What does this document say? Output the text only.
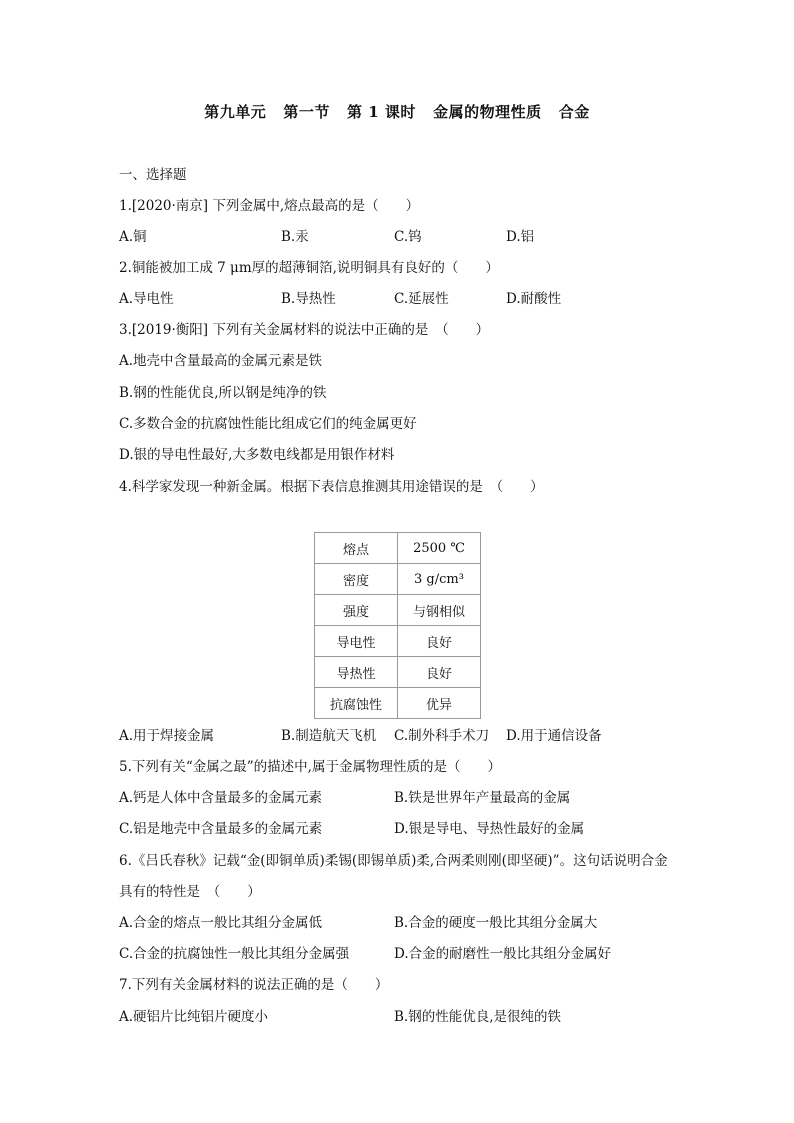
第九单元   第一节   第 1 课时   金属的物理性质   合金
一、选择题
1.[2020·南京] 下列金属中,熔点最高的是（　　）
A.铜	B.汞	C.钨	D.铝
2.铜能被加工成 7 μm厚的超薄铜箔,说明铜具有良好的（　　）
A.导电性	B.导热性	C.延展性	D.耐酸性
3.[2019·衡阳] 下列有关金属材料的说法中正确的是　（　　）
A.地壳中含量最高的金属元素是铁
B.钢的性能优良,所以钢是纯净的铁
C.多数合金的抗腐蚀性能比组成它们的纯金属更好
D.银的导电性最好,大多数电线都是用银作材料
4.科学家发现一种新金属。根据下表信息推测其用途错误的是　（　　）
熔点	2500 ℃
密度	3 g/cm³
强度	与钢相似
导电性	良好
导热性	良好
抗腐蚀性	优异
A.用于焊接金属	B.制造航天飞机 C.制外科手术刀 D.用于通信设备
5.下列有关“金属之最”的描述中,属于金属物理性质的是（　　）
A.钙是人体中含量最多的金属元素	B.铁是世界年产量最高的金属
C.铝是地壳中含量最多的金属元素	D.银是导电、导热性最好的金属
6.《吕氏春秋》记载“金(即铜单质)柔锡(即锡单质)柔,合两柔则刚(即坚硬)”。这句话说明合金
具有的特性是　（　　）
A.合金的熔点一般比其组分金属低	B.合金的硬度一般比其组分金属大
C.合金的抗腐蚀性一般比其组分金属强	D.合金的耐磨性一般比其组分金属好
7.下列有关金属材料的说法正确的是（　　）
A.硬铝片比纯铝片硬度小	B.钢的性能优良,是很纯的铁
